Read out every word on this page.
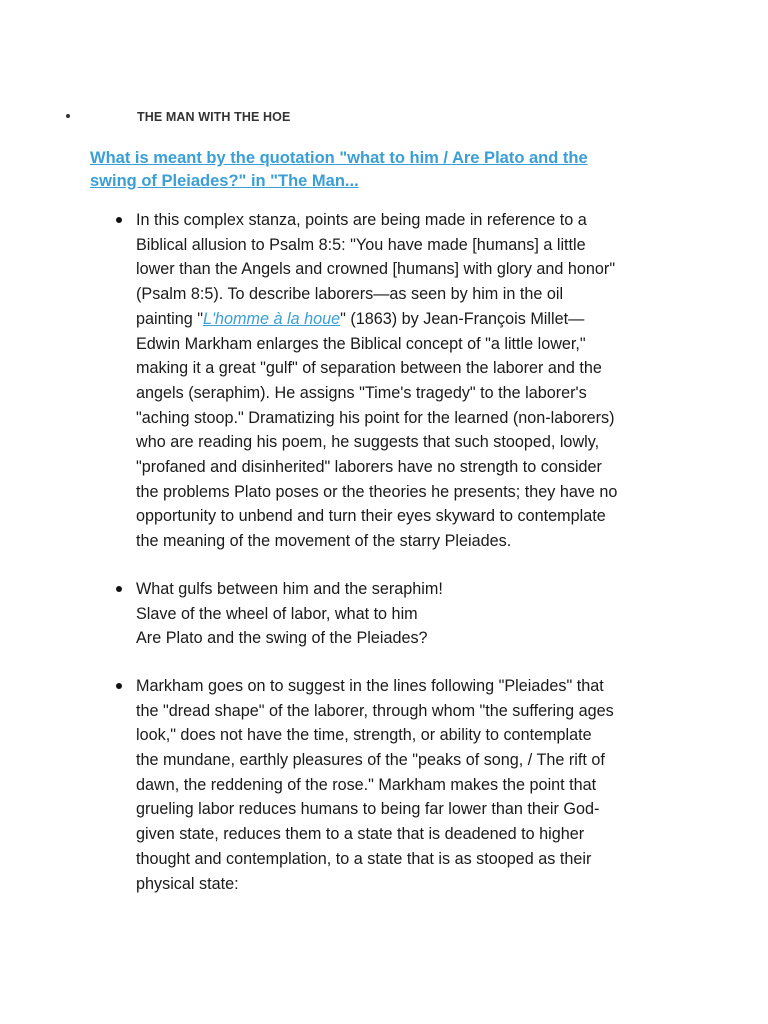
THE MAN WITH THE HOE
What is meant by the quotation "what to him / Are Plato and the
swing of Pleiades?" in "The Man...
In this complex stanza, points are being made in reference to a
Biblical allusion to Psalm 8:5: "You have made [humans] a little
lower than the Angels and crowned [humans] with glory and honor"
(Psalm 8:5). To describe laborers—as seen by him in the oil
painting "L'homme à la houe" (1863) by Jean-François Millet—
Edwin Markham enlarges the Biblical concept of "a little lower,"
making it a great "gulf" of separation between the laborer and the
angels (seraphim). He assigns "Time's tragedy" to the laborer's
"aching stoop." Dramatizing his point for the learned (non-laborers)
who are reading his poem, he suggests that such stooped, lowly,
"profaned and disinherited" laborers have no strength to consider
the problems Plato poses or the theories he presents; they have no
opportunity to unbend and turn their eyes skyward to contemplate
the meaning of the movement of the starry Pleiades.
What gulfs between him and the seraphim!
Slave of the wheel of labor, what to him
Are Plato and the swing of the Pleiades?
Markham goes on to suggest in the lines following "Pleiades" that
the "dread shape" of the laborer, through whom "the suffering ages
look," does not have the time, strength, or ability to contemplate
the mundane, earthly pleasures of the "peaks of song, / The rift of
dawn, the reddening of the rose." Markham makes the point that
grueling labor reduces humans to being far lower than their God-
given state, reduces them to a state that is deadened to higher
thought and contemplation, to a state that is as stooped as their
physical state:
